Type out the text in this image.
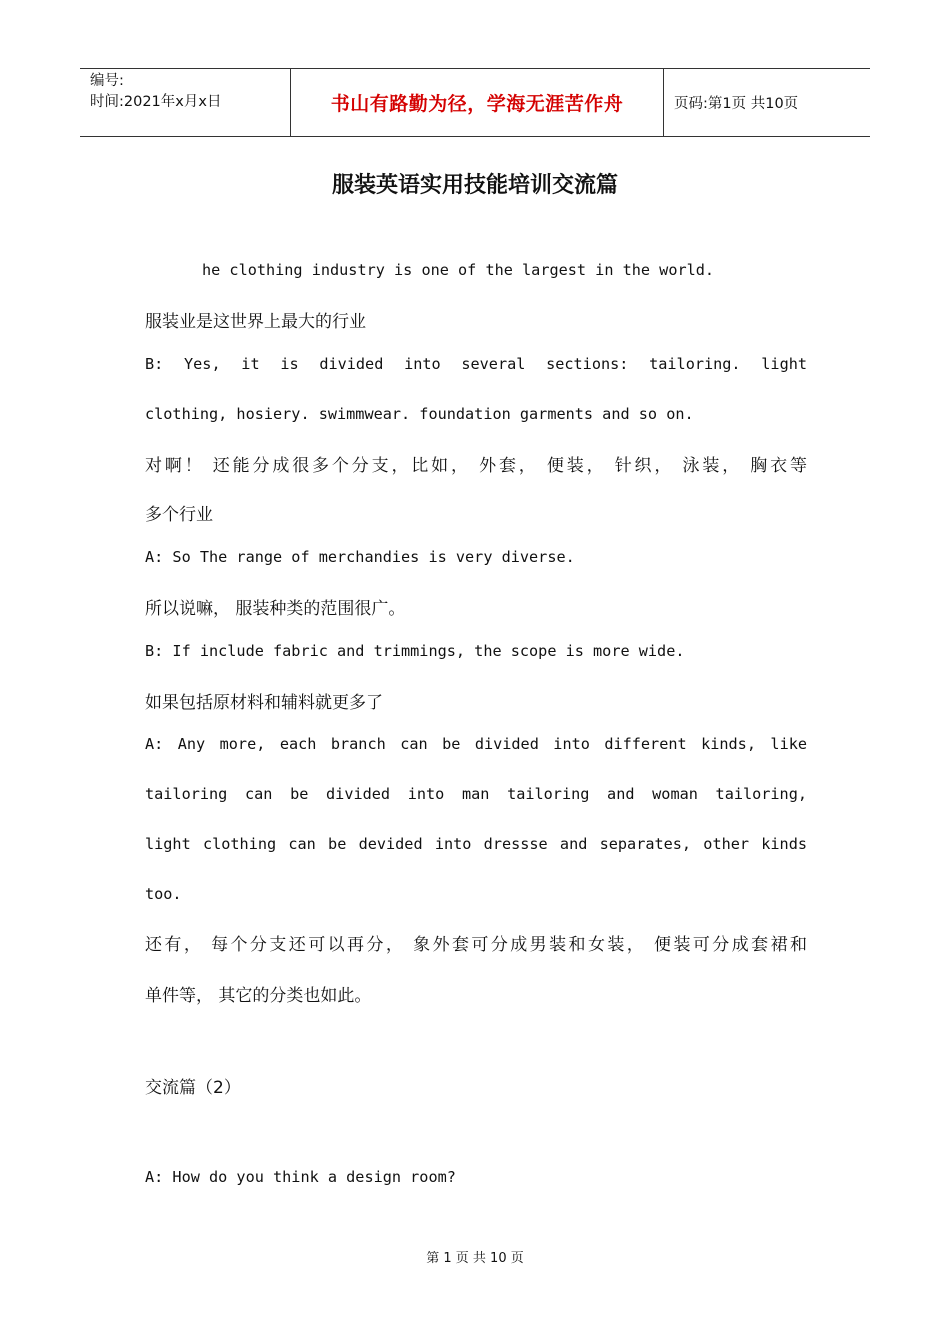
编号:
时间:2021年x月x日	书山有路勤为径，学海无涯苦作舟	页码:第1页 共10页
服装英语实用技能培训交流篇
he clothing industry is one of the largest in the world.
服装业是这世界上最大的行业
B: Yes, it is divided into several sections: tailoring. light
clothing, hosiery. swimmwear. foundation garments and so on.
对啊！ 还能分成很多个分支，比如， 外套， 便装， 针织， 泳装， 胸衣等
多个行业
A: So The range of merchandies is very diverse.
所以说嘛， 服装种类的范围很广。
B: If include fabric and trimmings, the scope is more wide.
如果包括原材料和辅料就更多了
A: Any more, each branch can be divided into different kinds, like
tailoring can be divided into man tailoring and woman tailoring,
light clothing can be devided into dressse and separates, other kinds
too.
还有， 每个分支还可以再分， 象外套可分成男装和女装， 便装可分成套裙和
单件等， 其它的分类也如此。
交流篇（2）
A: How do you think a design room?
第 1 页 共 10 页
